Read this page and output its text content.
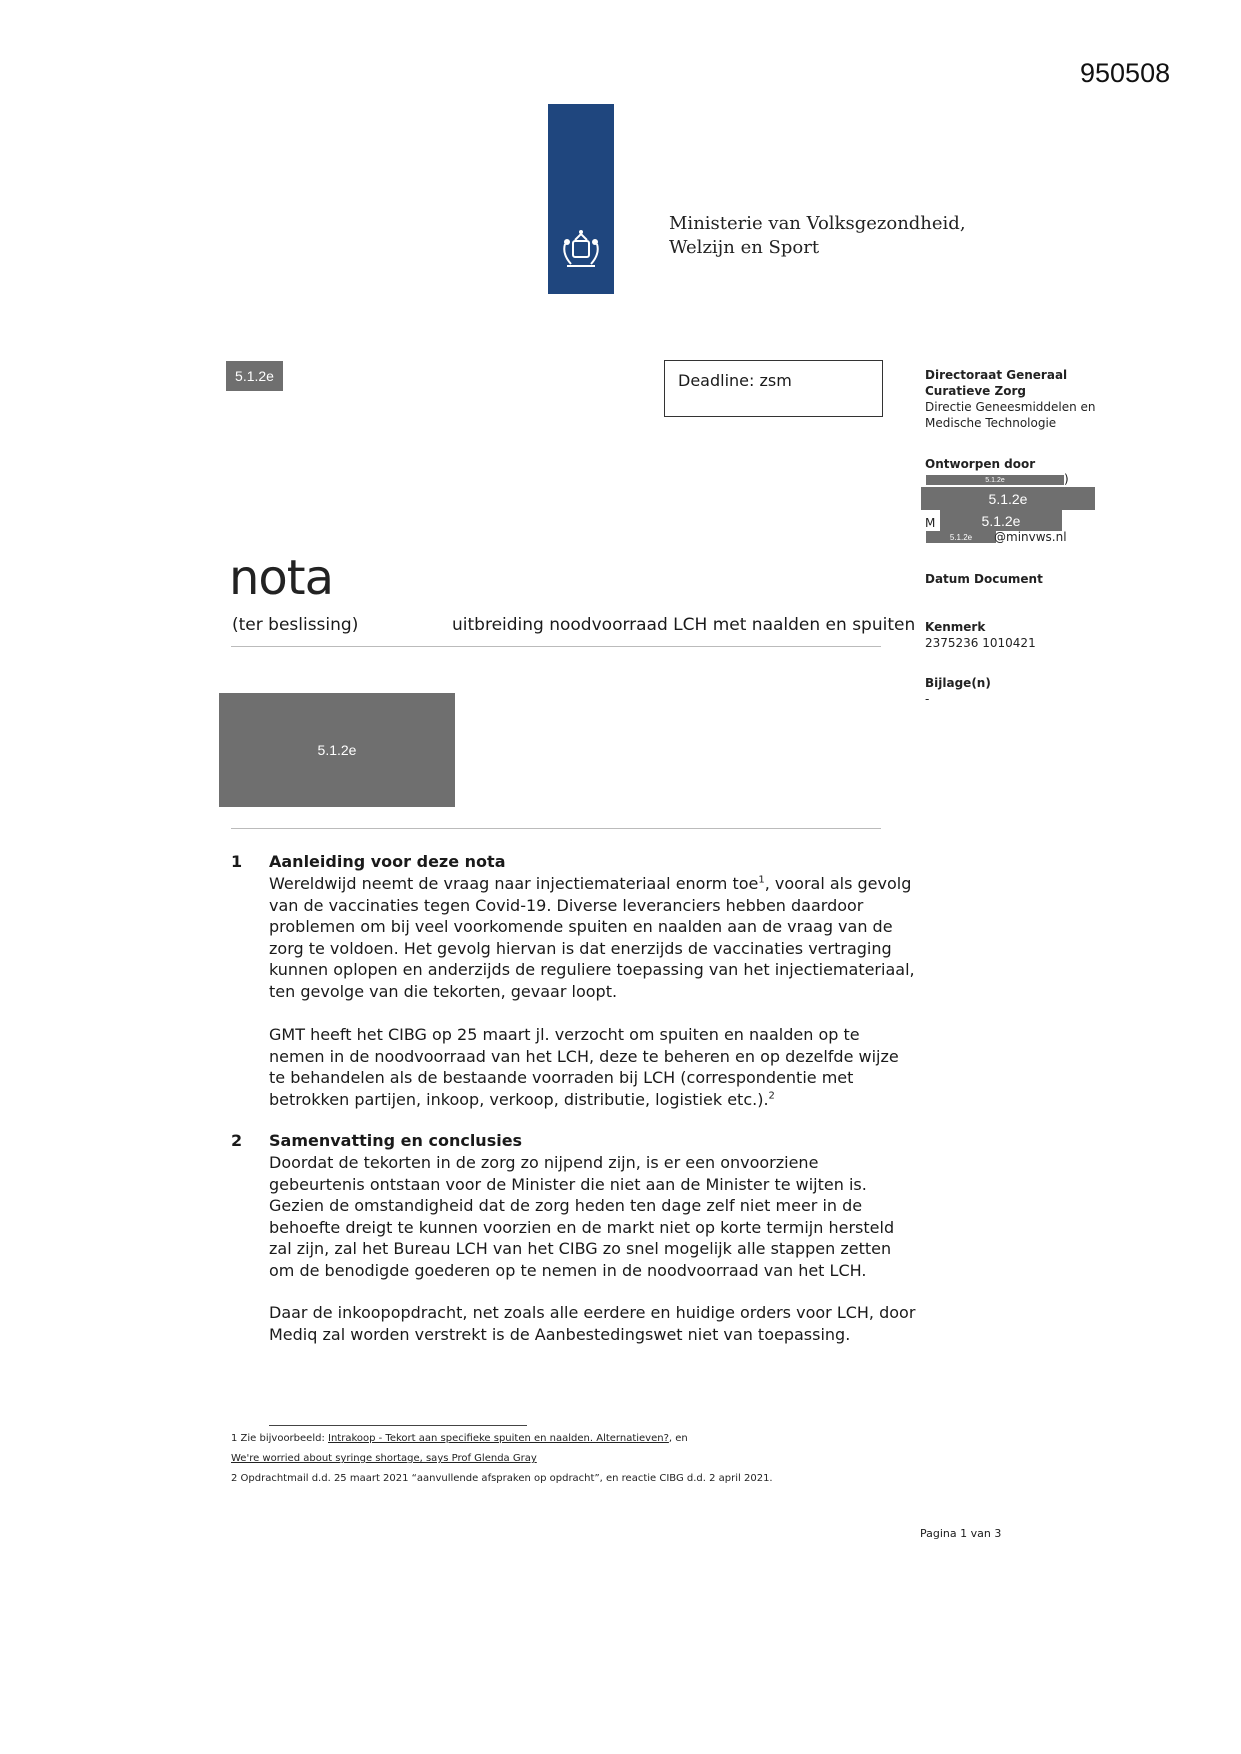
950508
Ministerie van Volksgezondheid,
Welzijn en Sport
5.1.2e	Deadline: zsm	Directoraat Generaal
Curatieve Zorg
Directie Geneesmiddelen en
Medische Technologie
Ontworpen door
5.1.2e	)
5.1.2e
M	5.1.2e
5.1.2e	@minvws.nl
Datum Document
Kenmerk
2375236 1010421
Bijlage(n)
-
nota
(ter beslissing)	uitbreiding noodvoorraad LCH met naalden en spuiten
5.1.2e
1 Aanleiding voor deze nota
Wereldwijd neemt de vraag naar injectiemateriaal enorm toe$^1$, vooral als gevolg van de vaccinaties tegen Covid-19. Diverse leveranciers hebben daardoor problemen om bij veel voorkomende spuiten en naalden aan de vraag van de zorg te voldoen. Het gevolg hiervan is dat enerzijds de vaccinaties vertraging kunnen oplopen en anderzijds de reguliere toepassing van het injectiemateriaal, ten gevolge van die tekorten, gevaar loopt.
GMT heeft het CIBG op 25 maart jl. verzocht om spuiten en naalden op te nemen in de noodvoorraad van het LCH, deze te beheren en op dezelfde wijze te behandelen als de bestaande voorraden bij LCH (correspondentie met betrokken partijen, inkoop, verkoop, distributie, logistiek etc.).$^2$
2 Samenvatting en conclusies
Doordat de tekorten in de zorg zo nijpend zijn, is er een onvoorziene gebeurtenis ontstaan voor de Minister die niet aan de Minister te wijten is. Gezien de omstandigheid dat de zorg heden ten dage zelf niet meer in de behoefte dreigt te kunnen voorzien en de markt niet op korte termijn hersteld zal zijn, zal het Bureau LCH van het CIBG zo snel mogelijk alle stappen zetten om de benodigde goederen op te nemen in de noodvoorraad van het LCH.
Daar de inkoopopdracht, net zoals alle eerdere en huidige orders voor LCH, door Mediq zal worden verstrekt is de Aanbestedingswet niet van toepassing.
1 Zie bijvoorbeeld: Intrakoop - Tekort aan specifieke spuiten en naalden. Alternatieven?, en
We're worried about syringe shortage, says Prof Glenda Gray
2 Opdrachtmail d.d. 25 maart 2021 “aanvullende afspraken op opdracht”, en reactie CIBG d.d. 2 april 2021.
Pagina 1 van 3
